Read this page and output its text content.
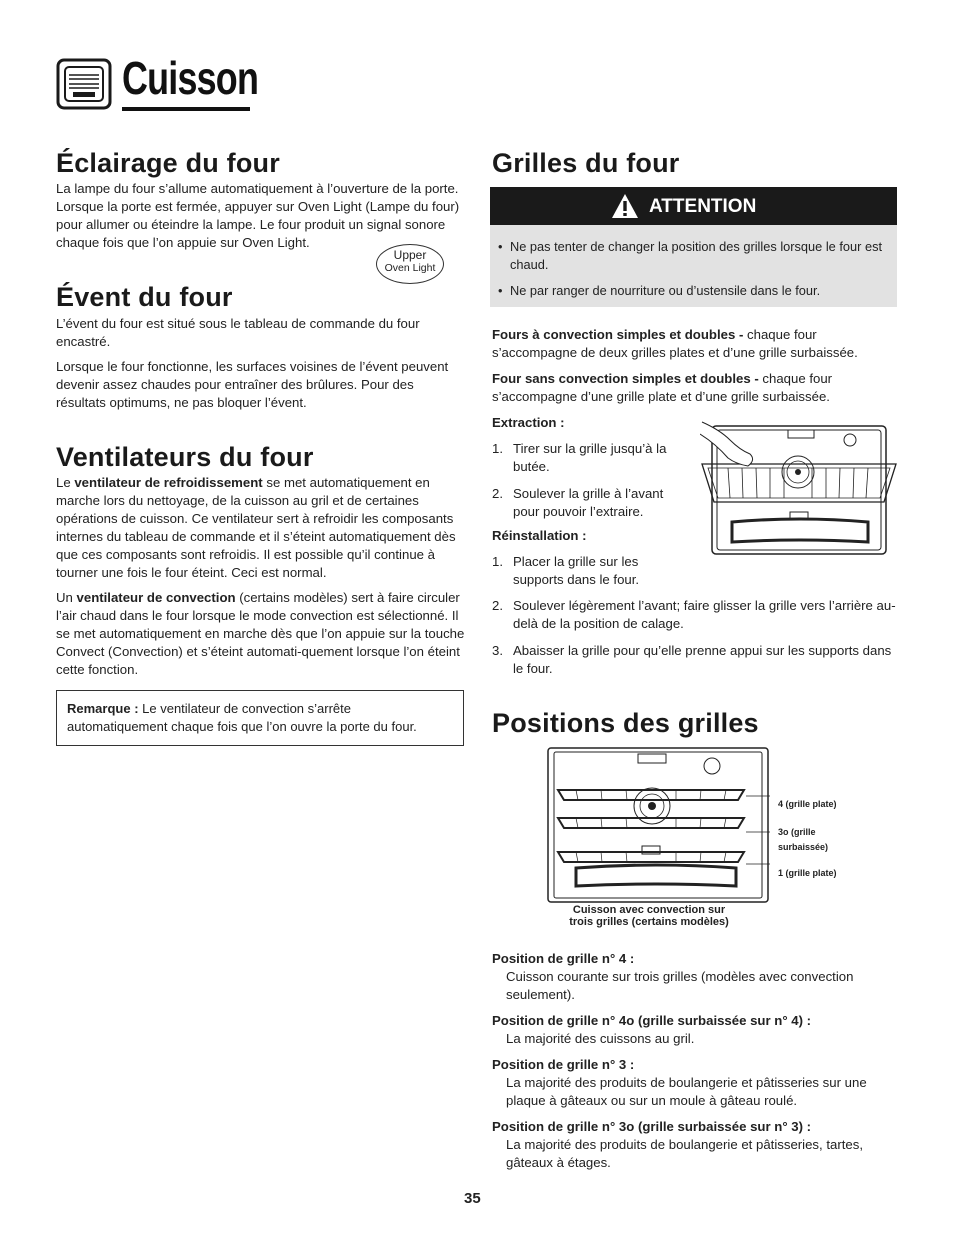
Cuisson
Éclairage du four

La lampe du four s’allume automatiquement à l’ouverture de la porte. Lorsque la porte est fermée, appuyer sur Oven Light (Lampe du four) pour allumer ou éteindre la lampe. Le four produit un signal sonore chaque fois que l’on appuie sur Oven Light.

Upper
Oven Light
Évent du four

L’évent du four est situé sous le tableau de commande du four encastré.

Lorsque le four fonctionne, les surfaces voisines de l’évent peuvent devenir assez chaudes pour entraîner des brûlures. Pour des résultats optimums, ne pas bloquer l’évent.

Ventilateurs du four

Le ventilateur de refroidissement se met automatiquement en marche lors du nettoyage, de la cuisson au gril et de certaines opérations de cuisson. Ce ventilateur sert à refroidir les composants internes du tableau de commande et il s’éteint automatiquement dès que ces composants sont refroidis. Il est possible qu’il continue à tourner une fois le four éteint. Ceci est normal.

Un ventilateur de convection (certains modèles) sert à faire circuler l’air chaud dans le four lorsque le mode convection est sélectionné. Il se met automatiquement en marche dès que l’on appuie sur la touche Convect (Convection) et s’éteint automati-quement lorsque l’on éteint cette fonction.

Remarque : Le ventilateur de convection s’arrête automatiquement chaque fois que l’on ouvre la porte du four.

Grilles du four
ATTENTION
• Ne pas tenter de changer la position des grilles lorsque le four est chaud.
• Ne par ranger de nourriture ou d’ustensile dans le four.

Fours à convection simples et doubles - chaque four s’accompagne de deux grilles plates et d’une grille surbaissée.

Four sans convection simples et doubles - chaque four s’accompagne d’une grille plate et d’une grille surbaissée.

Extraction :

1. Tirer sur la grille jusqu’à la butée.
2. Soulever la grille à l’avant pour pouvoir l’extraire.

Réinstallation :

1. Placer la grille sur les supports dans le four.
2. Soulever légèrement l’avant; faire glisser la grille vers l’arrière au-delà de la position de calage.
3. Abaisser la grille pour qu’elle prenne appui sur les supports dans le four.
Positions des grilles
4 (grille plate)
3o (grille
surbaissée)
1 (grille plate)
Cuisson avec convection sur
trois grilles (certains modèles)

Position de grille n° 4 :

Cuisson courante sur trois grilles (modèles avec convection seulement).

Position de grille n° 4o (grille surbaissée sur n° 4) :

La majorité des cuissons au gril.

Position de grille n° 3 :

La majorité des produits de boulangerie et pâtisseries sur une plaque à gâteaux ou sur un moule à gâteau roulé.

Position de grille n° 3o (grille surbaissée sur n° 3) :

La majorité des produits de boulangerie et pâtisseries, tartes, gâteaux à étages.

35
